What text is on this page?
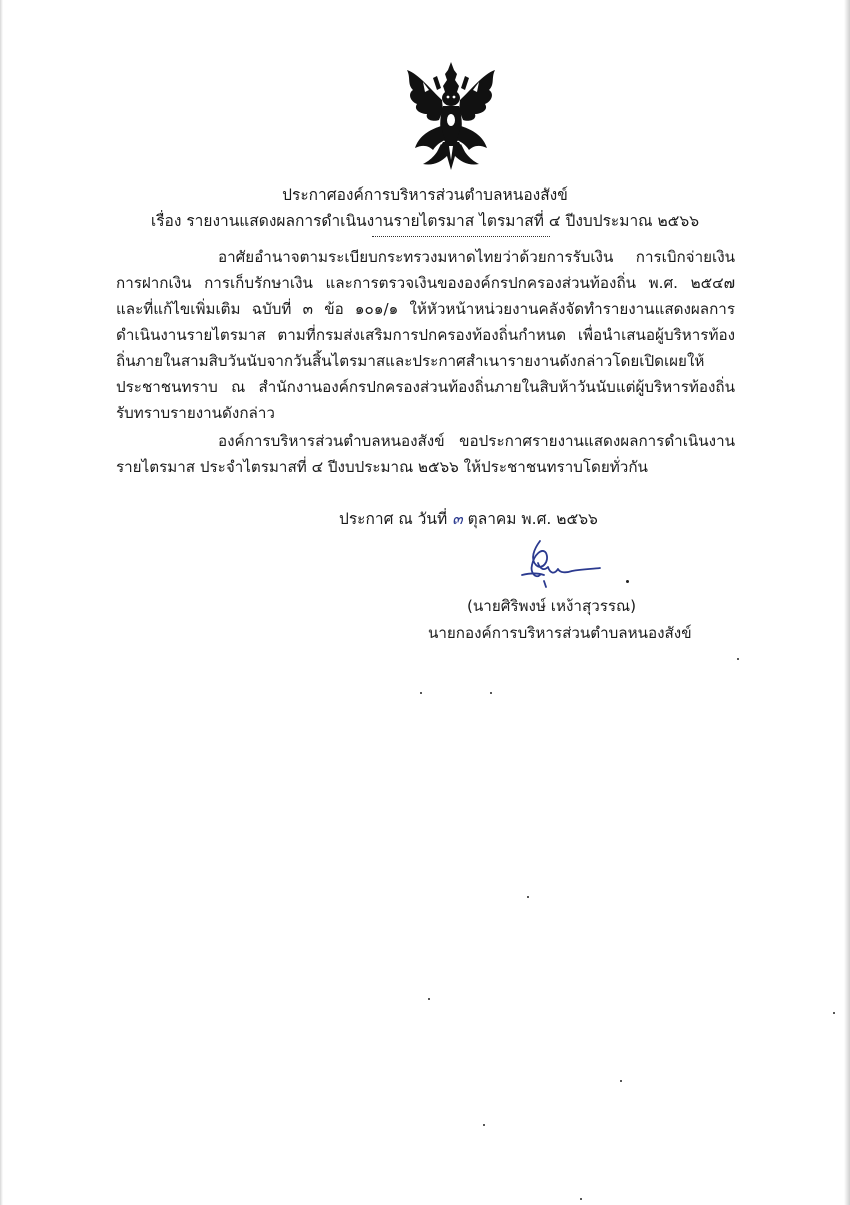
ประกาศองค์การบริหารส่วนตำบลหนองสังข์
เรื่อง รายงานแสดงผลการดำเนินงานรายไตรมาส ไตรมาสที่ ๔ ปีงบประมาณ ๒๕๖๖
อาศัยอำนาจตามระเบียบกระทรวงมหาดไทยว่าด้วยการรับเงิน การเบิกจ่ายเงิน การฝากเงิน การเก็บรักษาเงิน และการตรวจเงินขององค์กรปกครองส่วนท้องถิ่น พ.ศ. ๒๕๔๗ และที่แก้ไขเพิ่มเติม ฉบับที่ ๓ ข้อ ๑๐๑/๑ ให้หัวหน้าหน่วยงานคลังจัดทำรายงานแสดงผลการดำเนินงานรายไตรมาส ตามที่กรมส่งเสริมการปกครองท้องถิ่นกำหนด เพื่อนำเสนอผู้บริหารท้องถิ่นภายในสามสิบวันนับจากวันสิ้นไตรมาสและประกาศสำเนารายงานดังกล่าวโดยเปิดเผยให้ประชาชนทราบ ณ สำนักงานองค์กรปกครองส่วนท้องถิ่นภายในสิบห้าวันนับแต่ผู้บริหารท้องถิ่นรับทราบรายงานดังกล่าว
องค์การบริหารส่วนตำบลหนองสังข์ ขอประกาศรายงานแสดงผลการดำเนินงานรายไตรมาส ประจำไตรมาสที่ ๔ ปีงบประมาณ ๒๕๖๖ ให้ประชาชนทราบโดยทั่วกัน
ประกาศ ณ วันที่ ๓ ตุลาคม พ.ศ. ๒๕๖๖
(นายศิริพงษ์ เหง้าสุวรรณ)
นายกองค์การบริหารส่วนตำบลหนองสังข์
